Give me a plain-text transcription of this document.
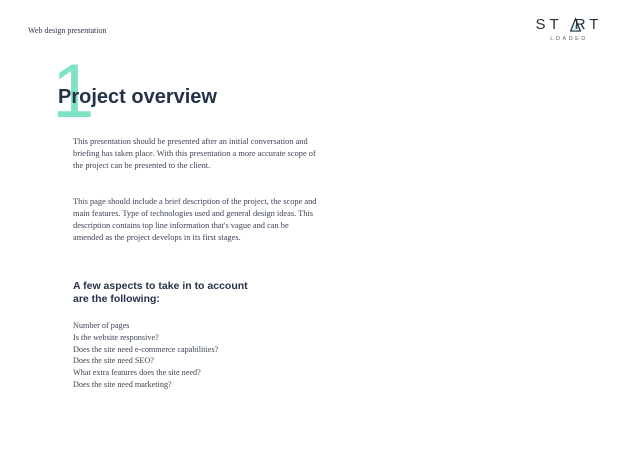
Web design presentation	ST RT
LOADED
1
Project overview

This presentation should be presented after an initial conversation and briefing has taken place. With this presentation a more accurate scope of the project can be presented to the client.

This page should include a brief description of the project, the scope and main features. Type of technologies used and general design ideas. This description contains top line information that's vague and can be amended as the project develops in its first stages.

A few aspects to take in to account are the following:
Number of pages
Is the website responsive?
Does the site need e-commerce capabilities?
Does the site need SEO?
What extra features does the site need?
Does the site need marketing?
